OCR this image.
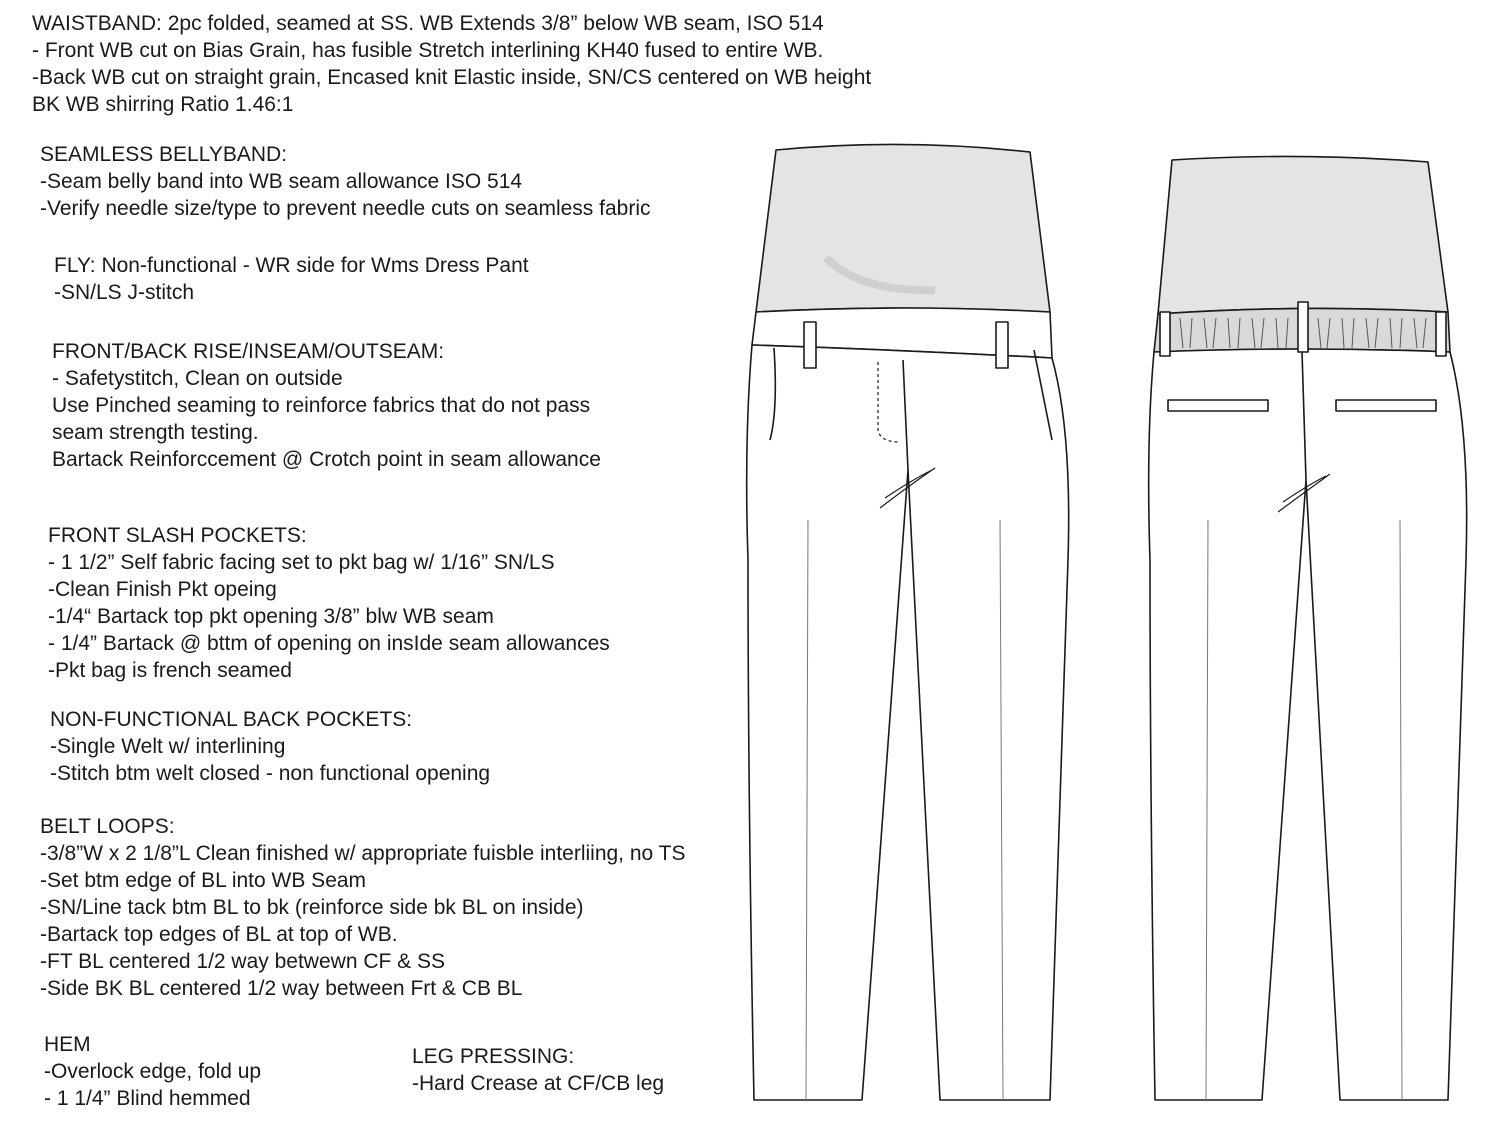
WAISTBAND: 2pc folded, seamed at SS. WB Extends 3/8” below WB seam, ISO 514
- Front WB cut on Bias Grain, has fusible Stretch interlining KH40 fused to entire WB.
-Back WB cut on straight grain, Encased knit Elastic inside, SN/CS centered on WB height
BK WB shirring Ratio 1.46:1
SEAMLESS BELLYBAND:
-Seam belly band into WB seam allowance ISO 514
-Verify needle size/type to prevent needle cuts on seamless fabric
FLY: Non-functional - WR side for Wms Dress Pant
-SN/LS J-stitch
FRONT/BACK RISE/INSEAM/OUTSEAM:
- Safetystitch, Clean on outside
Use Pinched seaming to reinforce fabrics that do not pass
seam strength testing.
Bartack Reinforccement @ Crotch point in seam allowance
FRONT SLASH POCKETS:
- 1 1/2” Self fabric facing set to pkt bag w/ 1/16” SN/LS
-Clean Finish Pkt opeing
-1/4“ Bartack top pkt opening 3/8” blw WB seam
- 1/4” Bartack @ bttm of opening on insIde seam allowances
-Pkt bag is french seamed
NON-FUNCTIONAL BACK POCKETS:
-Single Welt w/ interlining
-Stitch btm welt closed - non functional opening
BELT LOOPS:
-3/8”W x 2 1/8”L Clean finished w/ appropriate fuisble interliing, no TS
-Set btm edge of BL into WB Seam
-SN/Line tack btm BL to bk (reinforce side bk BL on inside)
-Bartack top edges of BL at top of WB.
-FT BL centered 1/2 way betwewn CF & SS
-Side BK BL centered 1/2 way between Frt & CB BL
HEM
-Overlock edge, fold up
- 1 1/4” Blind hemmed
LEG PRESSING:
-Hard Crease at CF/CB leg
